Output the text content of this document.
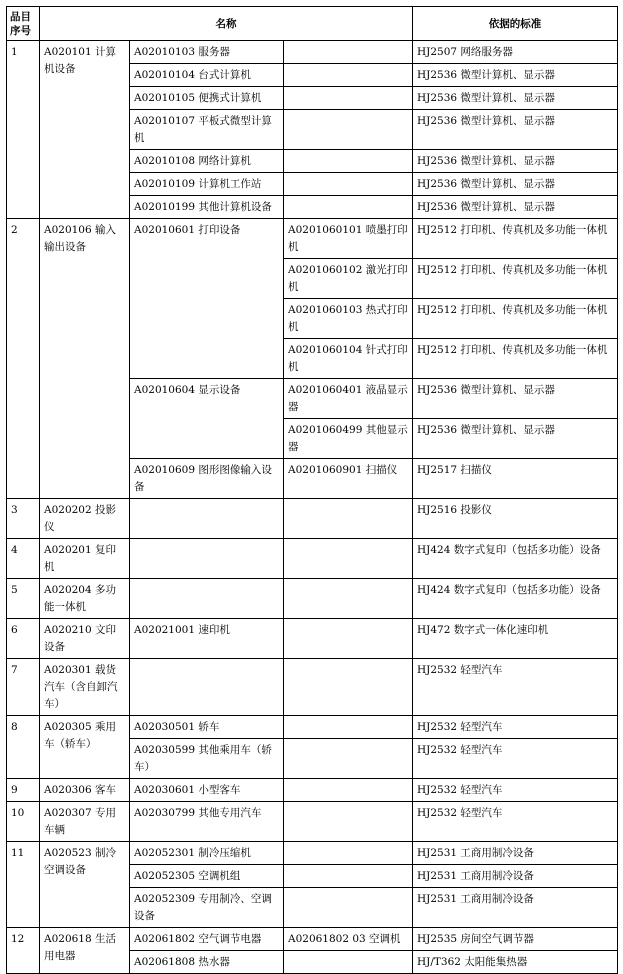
品目序号	名称			依据的标准
1	A020101 计算机设备	A02010103 服务器		HJ2507 网络服务器
		A02010104 台式计算机		HJ2536 微型计算机、显示器
		A02010105 便携式计算机		HJ2536 微型计算机、显示器
		A02010107 平板式微型计算机		HJ2536 微型计算机、显示器
		A02010108 网络计算机		HJ2536 微型计算机、显示器
		A02010109 计算机工作站		HJ2536 微型计算机、显示器
		A02010199 其他计算机设备		HJ2536 微型计算机、显示器
2	A020106 输入输出设备	A02010601 打印设备	A0201060101 喷墨打印机	HJ2512 打印机、传真机及多功能一体机
			A0201060102 激光打印机	HJ2512 打印机、传真机及多功能一体机
			A0201060103 热式打印机	HJ2512 打印机、传真机及多功能一体机
			A0201060104 针式打印机	HJ2512 打印机、传真机及多功能一体机
		A02010604 显示设备	A0201060401 液晶显示器	HJ2536 微型计算机、显示器
			A0201060499 其他显示器	HJ2536 微型计算机、显示器
		A02010609 图形图像输入设备	A0201060901 扫描仪	HJ2517 扫描仪
3	A020202 投影仪			HJ2516 投影仪
4	A020201 复印机			HJ424 数字式复印（包括多功能）设备
5	A020204 多功能一体机			HJ424 数字式复印（包括多功能）设备
6	A020210 文印设备	A02021001 速印机		HJ472 数字式一体化速印机
7	A020301 载货汽车（含自卸汽车）			HJ2532 轻型汽车
8	A020305 乘用车（轿车）	A02030501 轿车		HJ2532 轻型汽车
		A02030599 其他乘用车（轿车）		HJ2532 轻型汽车
9	A020306 客车	A02030601 小型客车		HJ2532 轻型汽车
10	A020307 专用车辆	A02030799 其他专用汽车		HJ2532 轻型汽车
11	A020523 制冷空调设备	A02052301 制冷压缩机		HJ2531 工商用制冷设备
		A02052305 空调机组		HJ2531 工商用制冷设备
		A02052309 专用制冷、空调设备		HJ2531 工商用制冷设备
12	A020618 生活用电器	A02061802 空气调节电器	A02061802 03 空调机	HJ2535 房间空气调节器
		A02061808 热水器		HJ/T362 太阳能集热器
